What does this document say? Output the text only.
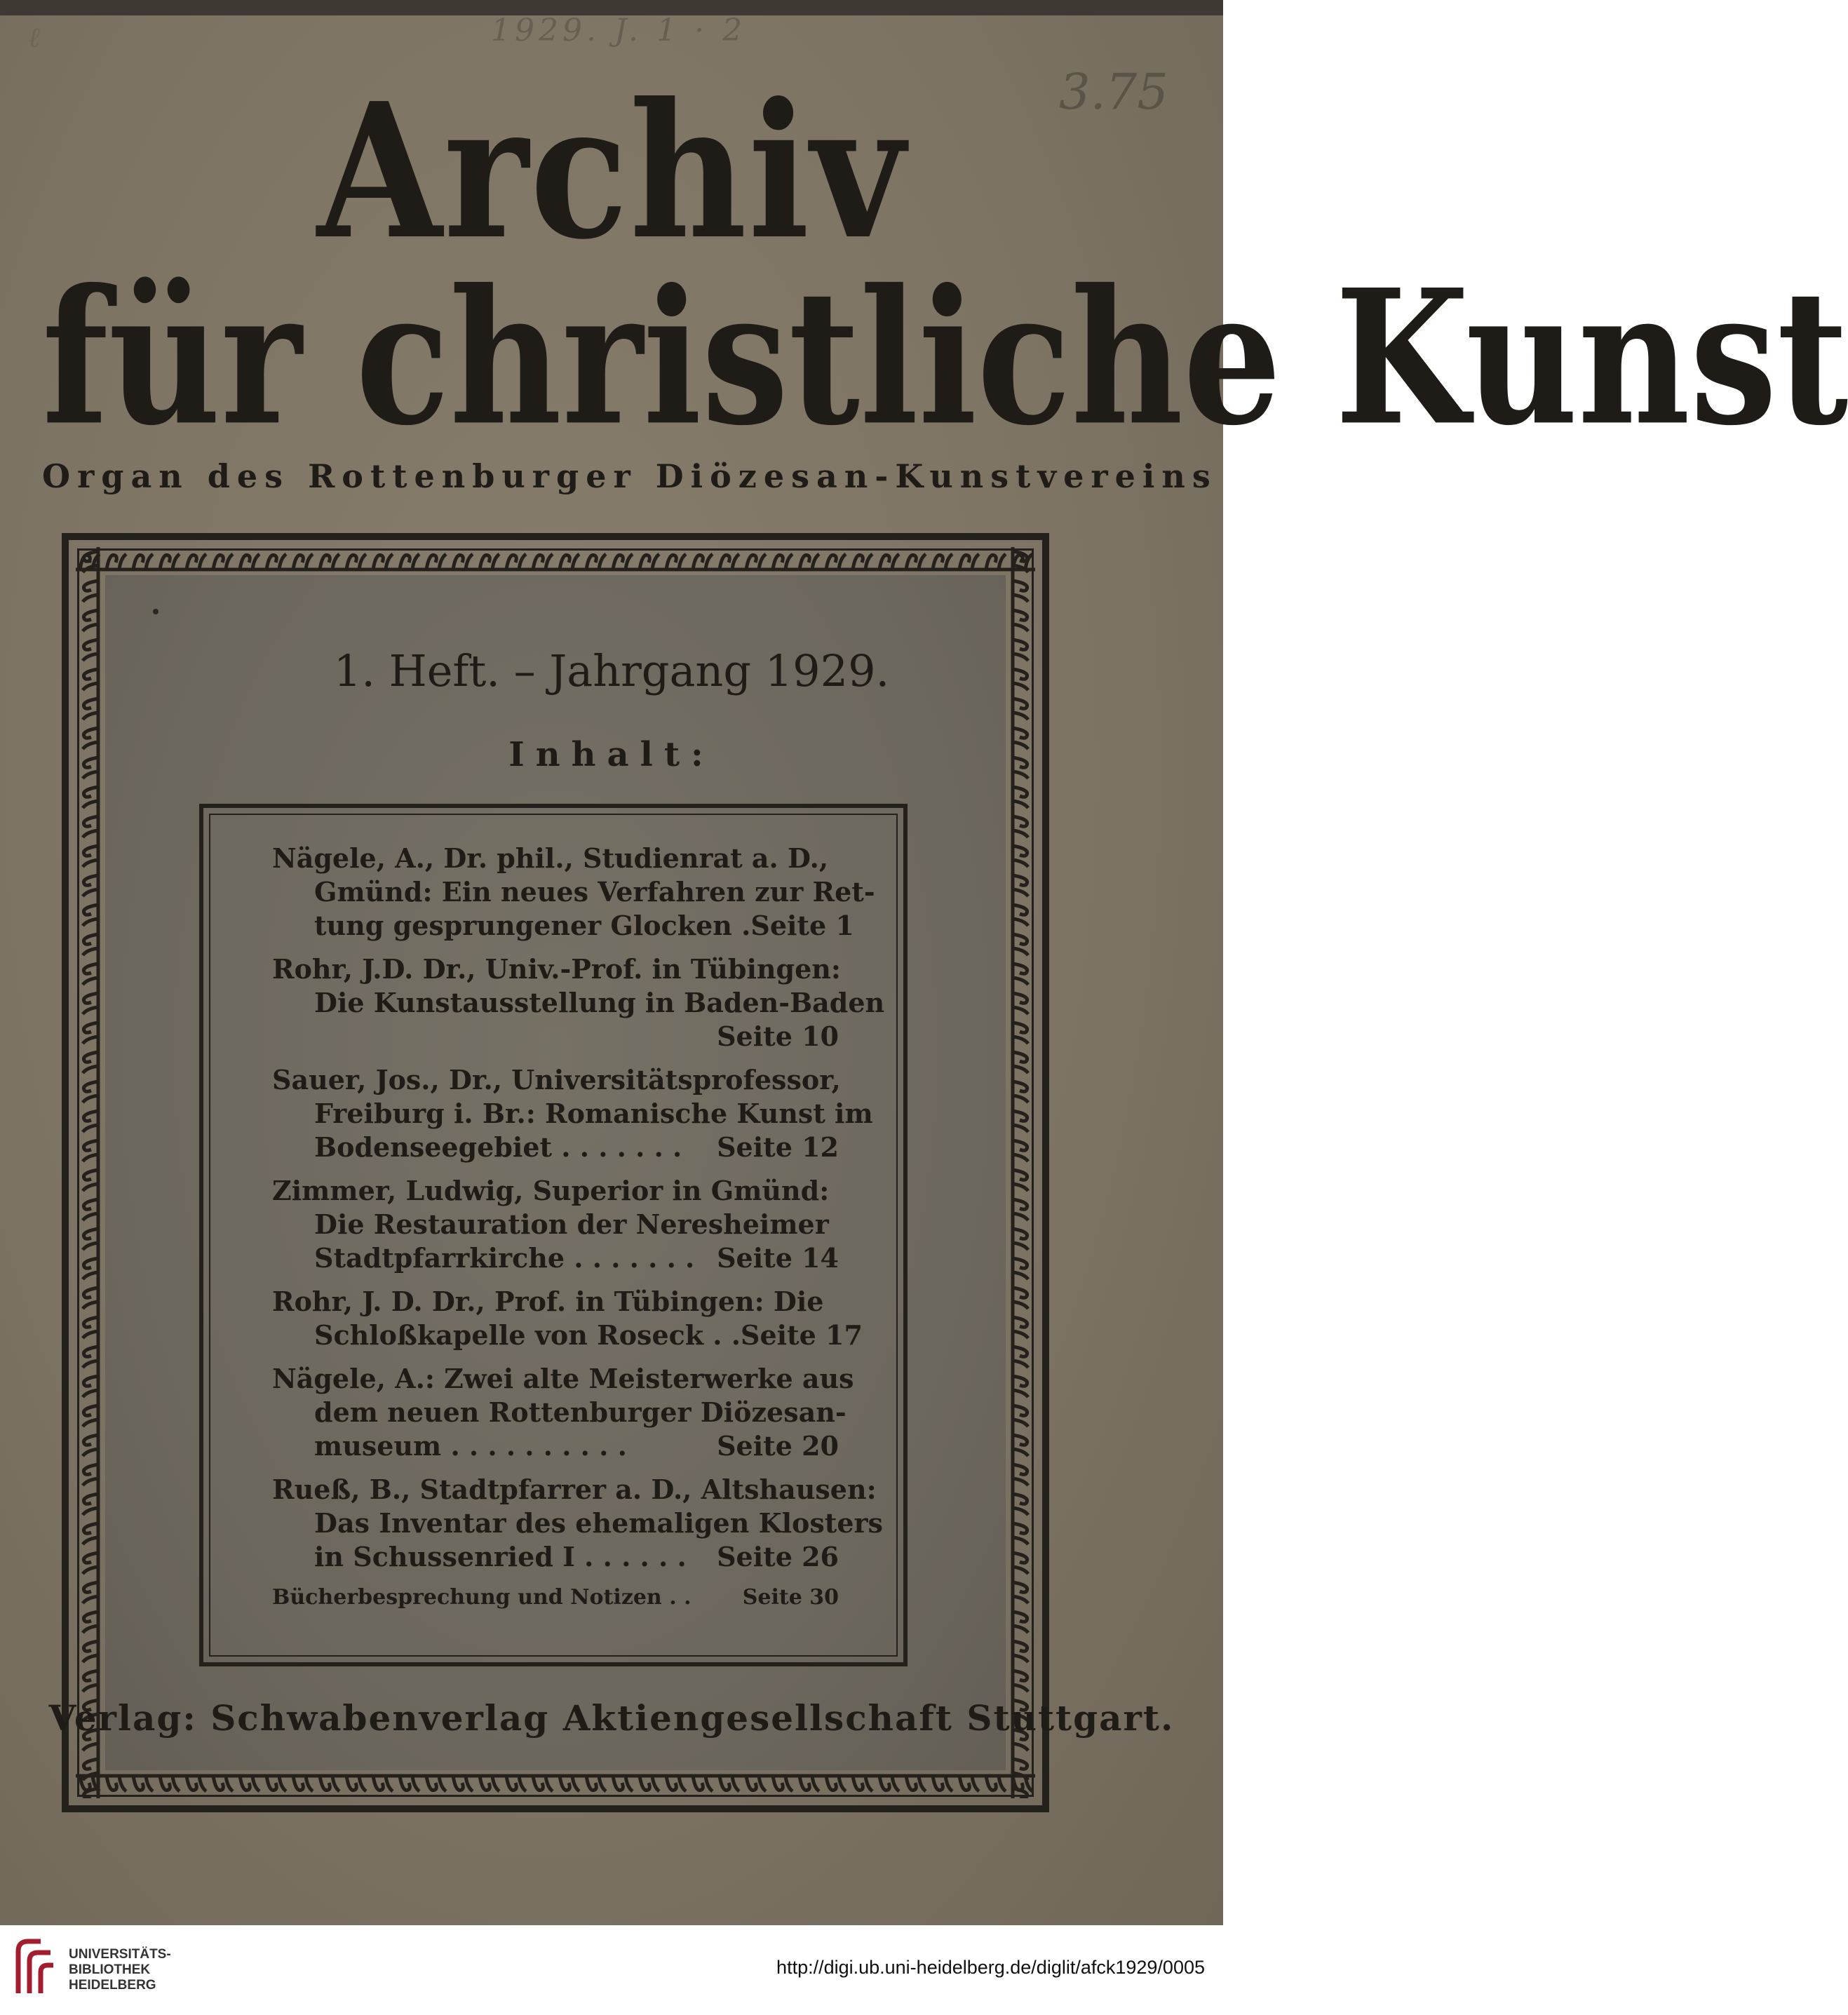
ℓ	1929. J. 1 · 2
3.75
Archiv
für christliche Kunst
Organ des Rottenburger Diözesan-Kunstvereins
1. Heft. – Jahrgang 1929.
Inhalt:
Nägele, A., Dr. phil., Studienrat a. D.,
Gmünd: Ein neues Verfahren zur Ret-
tung gesprungener Glocken . Seite 1
Rohr, J.D. Dr., Univ.-Prof. in Tübingen:
Die Kunstausstellung in Baden-Baden
Seite 10
Sauer, Jos., Dr., Universitätsprofessor,
Freiburg i. Br.: Romanische Kunst im
Bodenseegebiet . . . . . . . Seite 12
Zimmer, Ludwig, Superior in Gmünd:
Die Restauration der Neresheimer
Stadtpfarrkirche . . . . . . . Seite 14
Rohr, J. D. Dr., Prof. in Tübingen: Die
Schloßkapelle von Roseck . . Seite 17
Nägele, A.: Zwei alte Meisterwerke aus
dem neuen Rottenburger Diözesan-
museum . . . . . . . . . .	Seite 20
Rueß, B., Stadtpfarrer a. D., Altshausen:
Das Inventar des ehemaligen Klosters
in Schussenried I . . . . . . Seite 26
Bücherbesprechung und Notizen . . Seite 30
Verlag: Schwabenverlag Aktiengesellschaft Stuttgart.
UNIVERSITÄTS-
BIBLIOTHEK
HEIDELBERG
http://digi.ub.uni-heidelberg.de/diglit/afck1929/0005
